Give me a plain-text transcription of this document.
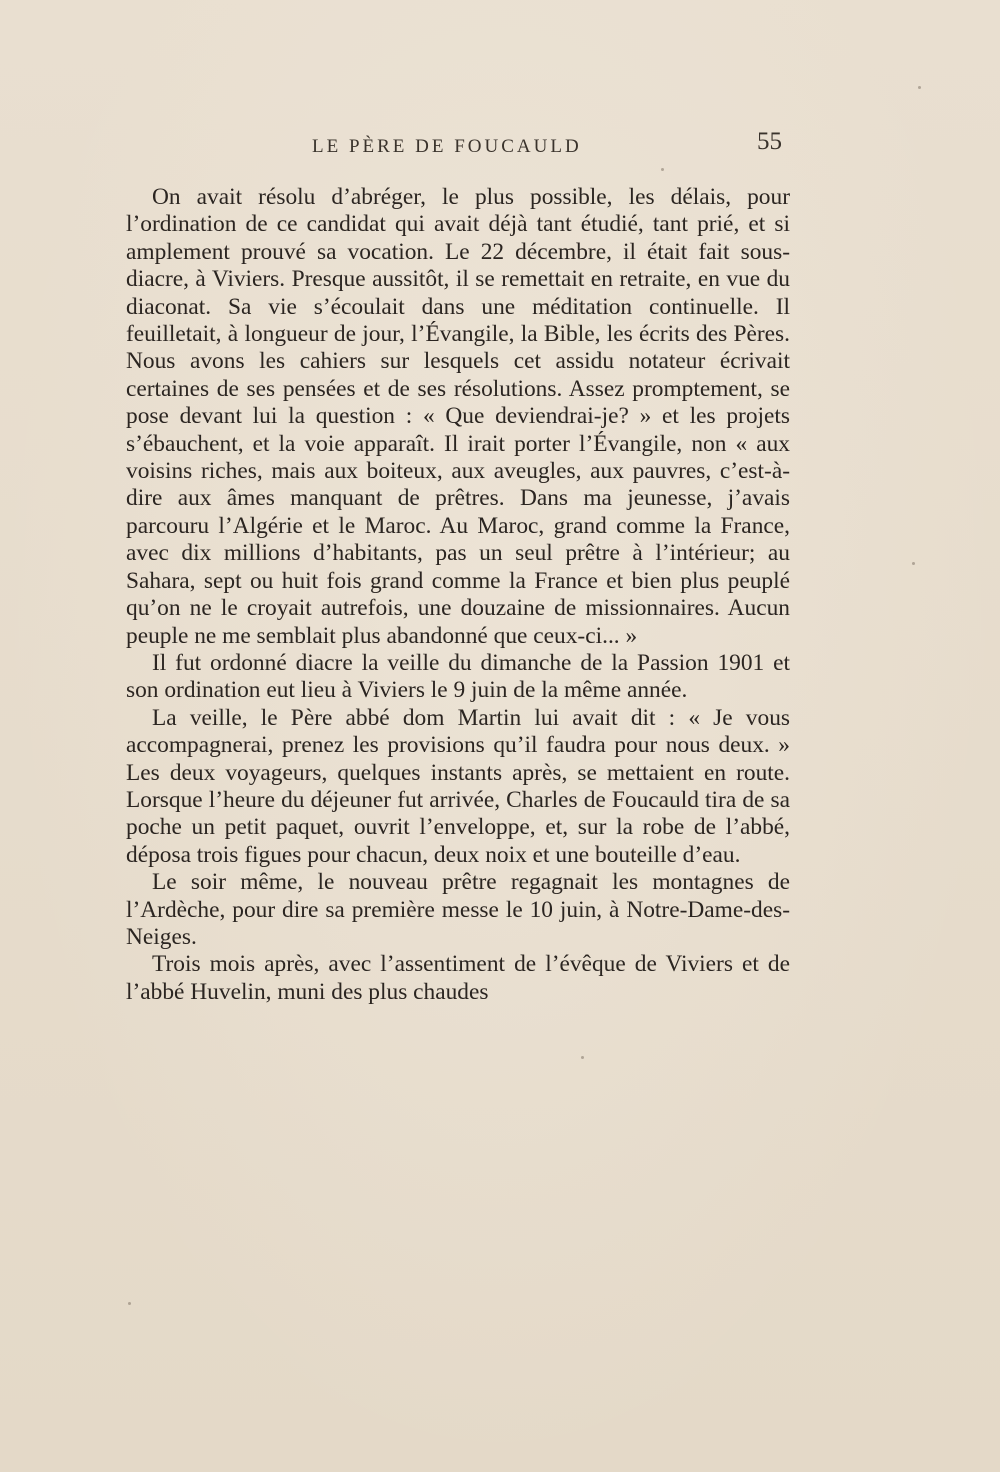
LE PÈRE DE FOUCAULD	55

On avait résolu d’abréger, le plus possible, les délais, pour l’ordination de ce candidat qui avait déjà tant étudié, tant prié, et si amplement prouvé sa vocation. Le 22 décembre, il était fait sous-diacre, à Viviers. Presque aussitôt, il se remettait en retraite, en vue du diaconat. Sa vie s’écoulait dans une méditation continuelle. Il feuilletait, à longueur de jour, l’Évangile, la Bible, les écrits des Pères. Nous avons les cahiers sur lesquels cet assidu notateur écrivait certaines de ses pensées et de ses résolutions. Assez promptement, se pose devant lui la question : « Que deviendrai-je? » et les projets s’ébauchent, et la voie apparaît. Il irait porter l’Évangile, non « aux voisins riches, mais aux boiteux, aux aveugles, aux pauvres, c’est-à-dire aux âmes manquant de prêtres. Dans ma jeunesse, j’avais parcouru l’Algérie et le Maroc. Au Maroc, grand comme la France, avec dix millions d’habitants, pas un seul prêtre à l’intérieur; au Sahara, sept ou huit fois grand comme la France et bien plus peuplé qu’on ne le croyait autrefois, une douzaine de missionnaires. Aucun peuple ne me semblait plus abandonné que ceux-ci... »

Il fut ordonné diacre la veille du dimanche de la Passion 1901 et son ordination eut lieu à Viviers le 9 juin de la même année.

La veille, le Père abbé dom Martin lui avait dit : « Je vous accompagnerai, prenez les provisions qu’il faudra pour nous deux. » Les deux voyageurs, quelques instants après, se mettaient en route. Lorsque l’heure du déjeuner fut arrivée, Charles de Foucauld tira de sa poche un petit paquet, ouvrit l’enveloppe, et, sur la robe de l’abbé, déposa trois figues pour chacun, deux noix et une bouteille d’eau.

Le soir même, le nouveau prêtre regagnait les montagnes de l’Ardèche, pour dire sa première messe le 10 juin, à Notre-Dame-des-Neiges.

Trois mois après, avec l’assentiment de l’évêque de Viviers et de l’abbé Huvelin, muni des plus chaudes
